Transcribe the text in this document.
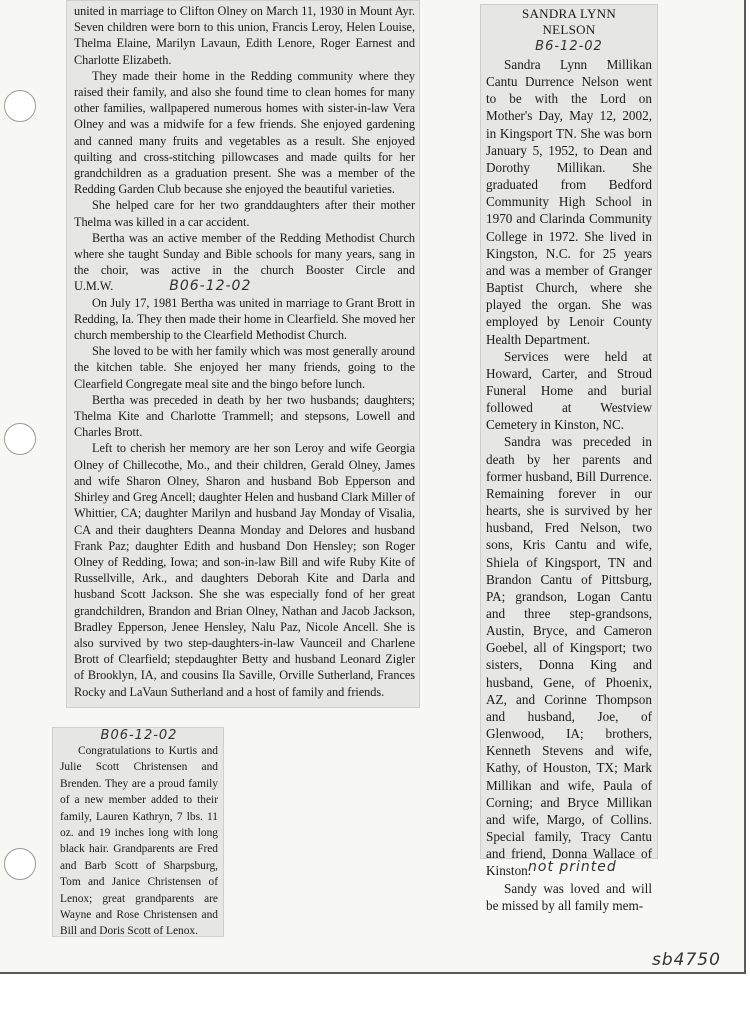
united in marriage to Clifton Olney on March 11, 1930 in Mount Ayr. Seven children were born to this union, Francis Leroy, Helen Louise, Thelma Elaine, Marilyn Lavaun, Edith Lenore, Roger Earnest and Charlotte Elizabeth.

They made their home in the Redding community where they raised their family, and also she found time to clean homes for many other families, wallpapered numerous homes with sister-in-law Vera Olney and was a midwife for a few friends. She enjoyed gardening and canned many fruits and vegetables as a result. She enjoyed quilting and cross-stitching pillowcases and made quilts for her grandchildren as a graduation present. She was a member of the Redding Garden Club because she enjoyed the beautiful varieties.

She helped care for her two granddaughters after their mother Thelma was killed in a car accident.

Bertha was an active member of the Redding Methodist Church where she taught Sunday and Bible schools for many years, sang in the choir, was active in the church Booster Circle and U.M.W.	B06-12-02

On July 17, 1981 Bertha was united in marriage to Grant Brott in Redding, Ia. They then made their home in Clearfield. She moved her church membership to the Clearfield Methodist Church.

She loved to be with her family which was most generally around the kitchen table. She enjoyed her many friends, going to the Clearfield Congregate meal site and the bingo before lunch.

Bertha was preceded in death by her two husbands; daughters; Thelma Kite and Charlotte Trammell; and stepsons, Lowell and Charles Brott.

Left to cherish her memory are her son Leroy and wife Georgia Olney of Chillecothe, Mo., and their children, Gerald Olney, James and wife Sharon Olney, Sharon and husband Bob Epperson and Shirley and Greg Ancell; daughter Helen and husband Clark Miller of Whittier, CA; daughter Marilyn and husband Jay Monday of Visalia, CA and their daughters Deanna Monday and Delores and husband Frank Paz; daughter Edith and husband Don Hensley; son Roger Olney of Redding, Iowa; and son-in-law Bill and wife Ruby Kite of Russellville, Ark., and daughters Deborah Kite and Darla and husband Scott Jackson. She she was especially fond of her great grandchildren, Brandon and Brian Olney, Nathan and Jacob Jackson, Bradley Epperson, Jenee Hensley, Nalu Paz, Nicole Ancell. She is also survived by two step-daughters-in-law Vaunceil and Charlene Brott of Clearfield; stepdaughter Betty and husband Leonard Zigler of Brooklyn, IA, and cousins Ila Saville, Orville Sutherland, Frances Rocky and LaVaun Sutherland and a host of family and friends.

B06-12-02

Congratulations to Kurtis and Julie Scott Christensen and Brenden. They are a proud family of a new member added to their family, Lauren Kathryn, 7 lbs. 11 oz. and 19 inches long with long black hair. Grandparents are Fred and Barb Scott of Sharpsburg, Tom and Janice Christensen of Lenox; great grandparents are Wayne and Rose Christensen and Bill and Doris Scott of Lenox.

SANDRA LYNN
NELSON
B6-12-02

Sandra Lynn Millikan Cantu Durrence Nelson went to be with the Lord on Mother's Day, May 12, 2002, in Kingsport TN. She was born January 5, 1952, to Dean and Dorothy Millikan. She graduated from Bedford Community High School in 1970 and Clarinda Community College in 1972. She lived in Kingston, N.C. for 25 years and was a member of Granger Baptist Church, where she played the organ. She was employed by Lenoir County Health Department.

Services were held at Howard, Carter, and Stroud Funeral Home and burial followed at Westview Cemetery in Kinston, NC.

Sandra was preceded in death by her parents and former husband, Bill Durrence. Remaining forever in our hearts, she is survived by her husband, Fred Nelson, two sons, Kris Cantu and wife, Shiela of Kingsport, TN and Brandon Cantu of Pittsburg, PA; grandson, Logan Cantu and three step-grandsons, Austin, Bryce, and Cameron Goebel, all of Kingsport; two sisters, Donna King and husband, Gene, of Phoenix, AZ, and Corinne Thompson and husband, Joe, of Glenwood, IA; brothers, Kenneth Stevens and wife, Kathy, of Houston, TX; Mark Millikan and wife, Paula of Corning; and Bryce Millikan and wife, Margo, of Collins. Special family, Tracy Cantu and friend, Donna Wallace of Kinston.

Sandy was loved and will be missed by all family mem-

not printed
sb4750
